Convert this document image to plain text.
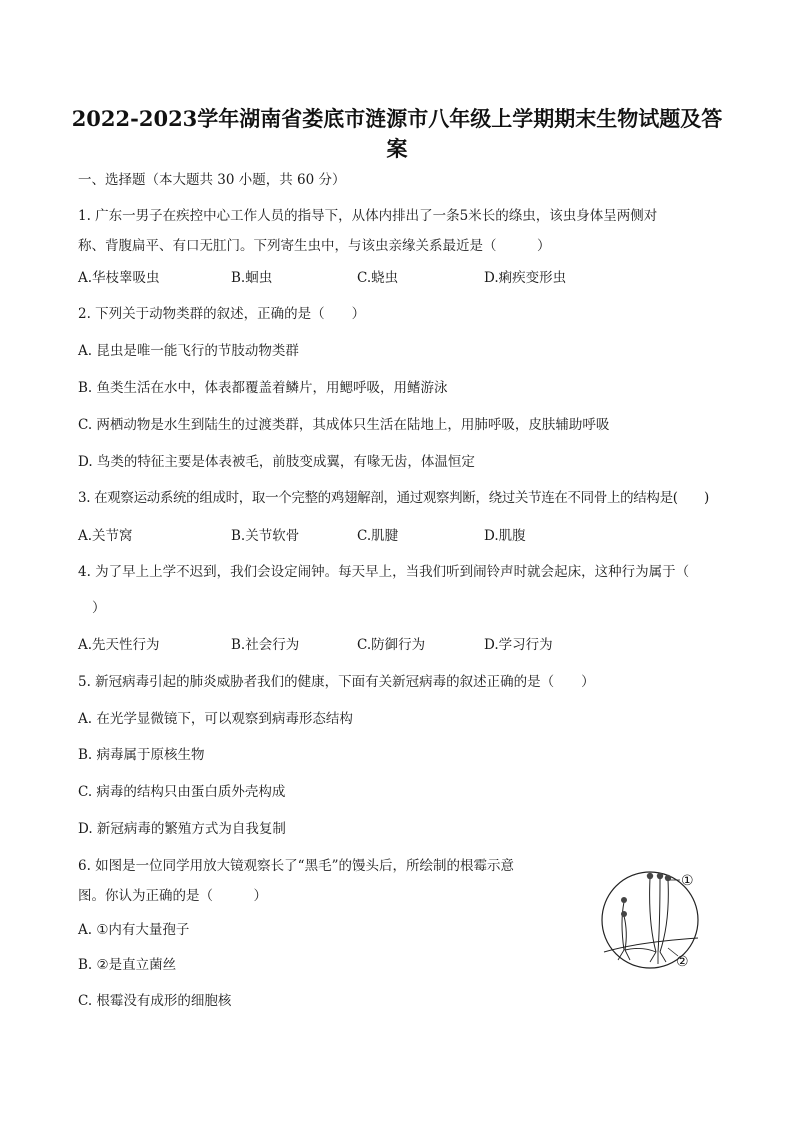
2022-2023学年湖南省娄底市涟源市八年级上学期期末生物试题及答
案
一、选择题（本大题共 30 小题，共 60 分）
1. 广东一男子在疾控中心工作人员的指导下，从体内排出了一条5米长的绦虫，该虫身体呈两侧对
称、背腹扁平、有口无肛门。下列寄生虫中，与该虫亲缘关系最近是（　　　）
A.华枝睾吸虫	B.蛔虫	C.蛲虫	D.痢疾变形虫
2. 下列关于动物类群的叙述，正确的是（　　）
A. 昆虫是唯一能飞行的节肢动物类群
B. 鱼类生活在水中，体表都覆盖着鳞片，用鳃呼吸，用鳍游泳
C. 两栖动物是水生到陆生的过渡类群，其成体只生活在陆地上，用肺呼吸，皮肤辅助呼吸
D. 鸟类的特征主要是体表被毛，前肢变成翼，有喙无齿，体温恒定
3. 在观察运动系统的组成时，取一个完整的鸡翅解剖，通过观察判断，绕过关节连在不同骨上的结构是(　　)
A.关节窝	B.关节软骨	C.肌腱	D.肌腹
4. 为了早上上学不迟到，我们会设定闹钟。每天早上，当我们听到闹铃声时就会起床，这种行为属于（
）
A.先天性行为	B.社会行为	C.防御行为	D.学习行为
5. 新冠病毒引起的肺炎威胁者我们的健康，下面有关新冠病毒的叙述正确的是（　　）
A. 在光学显微镜下，可以观察到病毒形态结构
B. 病毒属于原核生物
C. 病毒的结构只由蛋白质外壳构成
D. 新冠病毒的繁殖方式为自我复制
6. 如图是一位同学用放大镜观察长了“黑毛”的馒头后，所绘制的根霉示意
图。你认为正确的是（　　　）
A. ①内有大量孢子
B. ②是直立菌丝
C. 根霉没有成形的细胞核
①
②
